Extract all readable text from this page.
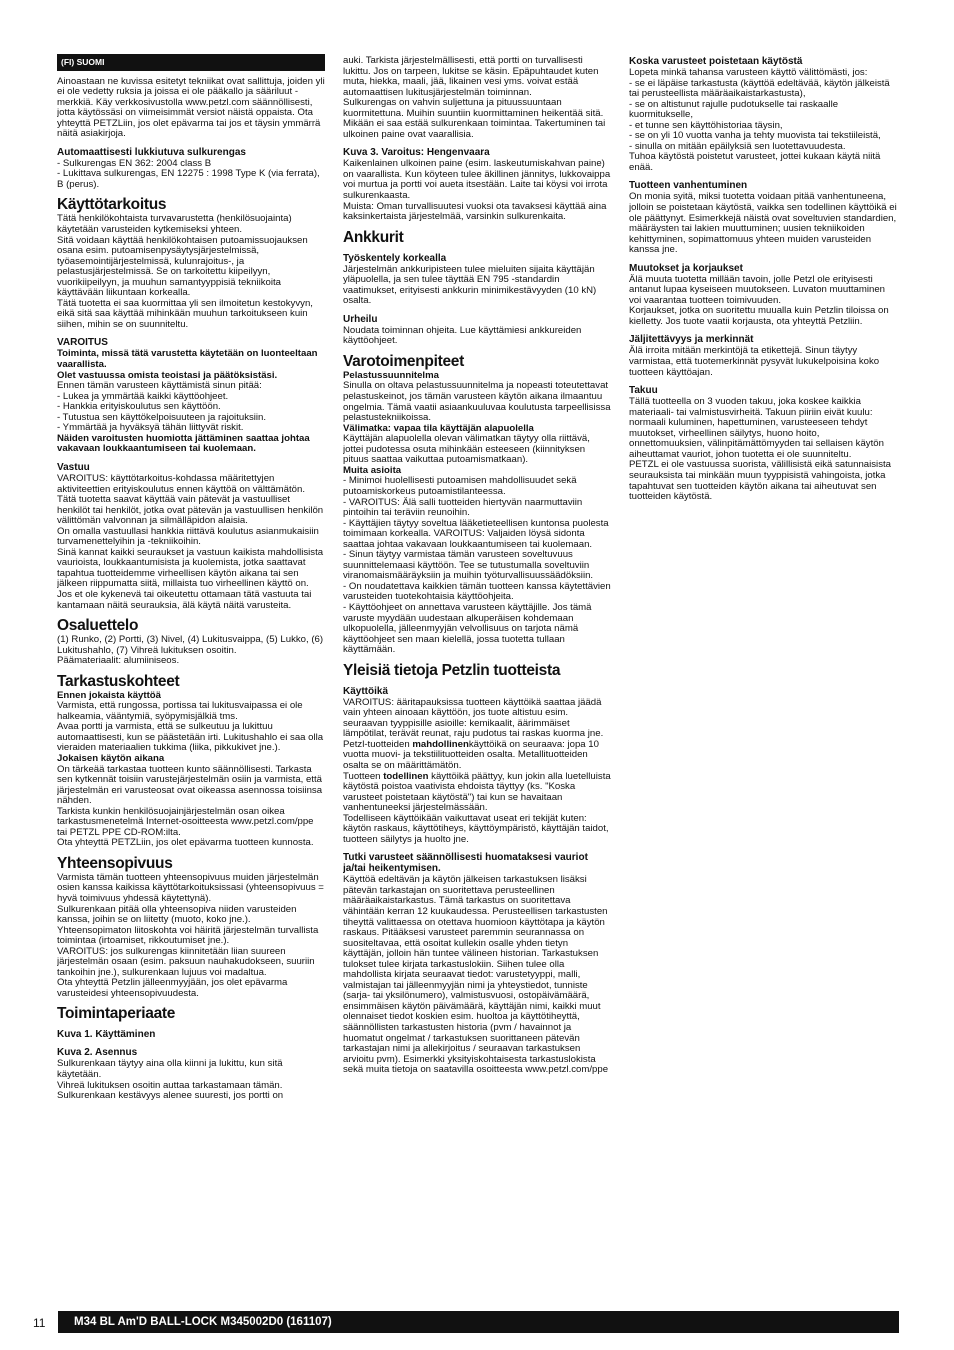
(FI) SUOMI

Ainoastaan ne kuvissa esitetyt tekniikat ovat sallittuja, joiden yli ei ole vedetty ruksia ja joissa ei ole pääkallo ja sääriluut -merkkiä. Käy verkkosivustolla www.petzl.com säännöllisesti, jotta käytössäsi on viimeisimmät versiot näistä oppaista. Ota yhteyttä PETZLiin, jos olet epävarma tai jos et täysin ymmärrä näitä asiakirjoja.

Automaattisesti lukkiutuva sulkurengas

- Sulkurengas EN 362: 2004 class B
- Lukittava sulkurengas, EN 12275 : 1998 Type K (via ferrata), B (perus).

Käyttötarkoitus

Tätä henkilökohtaista turvavarustetta (henkilösuojainta) käytetään varusteiden kytkemiseksi yhteen.
Sitä voidaan käyttää henkilökohtaisen putoamissuojauksen osana esim. putoamisenpysäytysjärjestelmissä, työasemointijärjestelmissä, kulunrajoitus-, ja pelastusjärjestelmissä. Se on tarkoitettu kiipeilyyn, vuorikiipeilyyn, ja muuhun samantyyppisiä tekniikoita käyttävään liikuntaan korkealla.
Tätä tuotetta ei saa kuormittaa yli sen ilmoitetun kestokyvyn, eikä sitä saa käyttää mihinkään muuhun tarkoitukseen kuin siihen, mihin se on suunniteltu.

VAROITUS
Toiminta, missä tätä varustetta käytetään on luonteeltaan vaarallista.
Olet vastuussa omista teoistasi ja päätöksistäsi.

Ennen tämän varusteen käyttämistä sinun pitää:
- Lukea ja ymmärtää kaikki käyttöohjeet.
- Hankkia erityiskoulutus sen käyttöön.
- Tutustua sen käyttökelpoisuuteen ja rajoituksiin.
- Ymmärtää ja hyväksyä tähän liittyvät riskit.

Näiden varoitusten huomiotta jättäminen saattaa johtaa vakavaan loukkaantumiseen tai kuolemaan.
Vastuu

VAROITUS: käyttötarkoitus-kohdassa määritettyjen aktiviteettien erityiskoulutus ennen käyttöä on välttämätön.
Tätä tuotetta saavat käyttää vain pätevät ja vastuulliset henkilöt tai henkilöt, jotka ovat pätevän ja vastuullisen henkilön välittömän valvonnan ja silmälläpidon alaisia.
On omalla vastuullasi hankkia riittävä koulutus asianmukaisiin turvamenettelyihin ja -tekniikoihin.
Sinä kannat kaikki seuraukset ja vastuun kaikista mahdollisista vaurioista, loukkaantumisista ja kuolemista, jotka saattavat tapahtua tuotteidemme virheellisen käytön aikana tai sen jälkeen riippumatta siitä, millaista tuo virheellinen käyttö on. Jos et ole kykenevä tai oikeutettu ottamaan tätä vastuuta tai kantamaan näitä seurauksia, älä käytä näitä varusteita.

Osaluettelo

(1) Runko, (2) Portti, (3) Nivel, (4) Lukitusvaippa, (5) Lukko, (6) Lukitushahlo, (7) Vihreä lukituksen osoitin.
Päämateriaalit: alumiiniseos.

Tarkastuskohteet
Ennen jokaista käyttöä

Varmista, että rungossa, portissa tai lukitusvaipassa ei ole halkeamia, vääntymiä, syöpymisjälkiä tms.
Avaa portti ja varmista, että se sulkeutuu ja lukittuu automaattisesti, kun se päästetään irti. Lukitushahlo ei saa olla vieraiden materiaalien tukkima (liika, pikkukivet jne.).

Jokaisen käytön aikana

On tärkeää tarkastaa tuotteen kunto säännöllisesti. Tarkasta sen kytkennät toisiin varustejärjestelmän osiin ja varmista, että järjestelmän eri varusteosat ovat oikeassa asennossa toisiinsa nähden.
Tarkista kunkin henkilösuojainjärjestelmän osan oikea tarkastusmenetelmä Internet-osoitteesta www.petzl.com/ppe tai PETZL PPE CD-ROM:ilta.
Ota yhteyttä PETZLiin, jos olet epävarma tuotteen kunnosta.

Yhteensopivuus

Varmista tämän tuotteen yhteensopivuus muiden järjestelmän osien kanssa kaikissa käyttötarkoituksissasi (yhteensopivuus = hyvä toimivuus yhdessä käytettynä).
Sulkurenkaan pitää olla yhteensopiva niiden varusteiden kanssa, joihin se on liitetty (muoto, koko jne.).
Yhteensopimaton liitoskohta voi häiritä järjestelmän turvallista toimintaa (irtoamiset, rikkoutumiset jne.).
VAROITUS: jos sulkurengas kiinnitetään liian suureen järjestelmän osaan (esim. paksuun nauhakudokseen, suuriin tankoihin jne.), sulkurenkaan lujuus voi madaltua.
Ota yhteyttä Petzlin jälleenmyyjään, jos olet epävarma varusteidesi yhteensopivuudesta.

Toimintaperiaate
Kuva 1. Käyttäminen
Kuva 2. Asennus

Sulkurenkaan täytyy aina olla kiinni ja lukittu, kun sitä käytetään.
Vihreä lukituksen osoitin auttaa tarkastamaan tämän. Sulkurenkaan kestävyys alenee suuresti, jos portti on

auki. Tarkista järjestelmällisesti, että portti on turvallisesti lukittu. Jos on tarpeen, lukitse se käsin. Epäpuhtaudet kuten muta, hiekka, maali, jää, likainen vesi yms. voivat estää automaattisen lukitusjärjestelmän toiminnan.
Sulkurengas on vahvin suljettuna ja pituussuuntaan kuormitettuna. Muihin suuntiin kuormittaminen heikentää sitä. Mikään ei saa estää sulkurenkaan toimintaa. Takertuminen tai ulkoinen paine ovat vaarallisia.

Kuva 3. Varoitus: Hengenvaara

Kaikenlainen ulkoinen paine (esim. laskeutumiskahvan paine) on vaarallista. Kun köyteen tulee äkillinen jännitys, lukkovaippa voi murtua ja portti voi aueta itsestään. Laite tai köysi voi irrota sulkurenkaasta.
Muista: Oman turvallisuutesi vuoksi ota tavaksesi käyttää aina kaksinkertaista järjestelmää, varsinkin sulkurenkaita.

Ankkurit
Työskentely korkealla

Järjestelmän ankkuripisteen tulee mieluiten sijaita käyttäjän yläpuolella, ja sen tulee täyttää EN 795 -standardin vaatimukset, erityisesti ankkurin minimikestävyyden (10 kN) osalta.

Urheilu

Noudata toiminnan ohjeita. Lue käyttämiesi ankkureiden käyttöohjeet.

Varotoimenpiteet
Pelastussuunnitelma

Sinulla on oltava pelastussuunnitelma ja nopeasti toteutettavat pelastuskeinot, jos tämän varusteen käytön aikana ilmaantuu ongelmia. Tämä vaatii asiaankuuluvaa koulutusta tarpeellisissa pelastustekniikoissa.

Välimatka: vapaa tila käyttäjän alapuolella

Käyttäjän alapuolella olevan välimatkan täytyy olla riittävä, jottei pudotessa osuta mihinkään esteeseen (kiinnityksen pituus saattaa vaikuttaa putoamismatkaan).

Muita asioita

- Minimoi huolellisesti putoamisen mahdollisuudet sekä putoamiskorkeus putoamistilanteessa.
- VAROITUS: Älä salli tuotteiden hiertyvän naarmuttaviin pintoihin tai teräviin reunoihin.
- Käyttäjien täytyy soveltua lääketieteellisen kuntonsa puolesta toimimaan korkealla. VAROITUS: Valjaiden löysä sidonta saattaa johtaa vakavaan loukkaantumiseen tai kuolemaan.
- Sinun täytyy varmistaa tämän varusteen soveltuvuus suunnittelemaasi käyttöön. Tee se tutustumalla soveltuviin viranomaismääräyksiin ja muihin työturvallisuussäädöksiin.
- On noudatettava kaikkien tämän tuotteen kanssa käytettävien varusteiden tuotekohtaisia käyttöohjeita.
- Käyttöohjeet on annettava varusteen käyttäjille. Jos tämä varuste myydään uudestaan alkuperäisen kohdemaan ulkopuolella, jälleenmyyjän velvollisuus on tarjota nämä käyttöohjeet sen maan kielellä, jossa tuotetta tullaan käyttämään.

Yleisiä tietoja Petzlin tuotteista
Käyttöikä

VAROITUS: ääritapauksissa tuotteen käyttöikä saattaa jäädä vain yhteen ainoaan käyttöön, jos tuote altistuu esim. seuraavan tyyppisille asioille: kemikaalit, äärimmäiset lämpötilat, terävät reunat, raju pudotus tai raskas kuorma jne.
Petzl-tuotteiden mahdollinenkäyttöikä on seuraava: jopa 10 vuotta muovi- ja tekstiilituotteiden osalta. Metallituotteiden osalta se on määrittämätön.
Tuotteen todellinen käyttöikä päättyy, kun jokin alla luetelluista käytöstä poistoa vaativista ehdoista täyttyy (ks. "Koska varusteet poistetaan käytöstä") tai kun se havaitaan vanhentuneeksi järjestelmässään.
Todelliseen käyttöikään vaikuttavat useat eri tekijät kuten: käytön raskaus, käyttötiheys, käyttöympäristö, käyttäjän taidot, tuotteen säilytys ja huolto jne.

Tutki varusteet säännöllisesti huomataksesi vauriot ja/tai heikentymisen.

Käyttöä edeltävän ja käytön jälkeisen tarkastuksen lisäksi pätevän tarkastajan on suoritettava perusteellinen määräaikaistarkastus. Tämä tarkastus on suoritettava vähintään kerran 12 kuukaudessa. Perusteellisen tarkastusten tiheyttä valittaessa on otettava huomioon käyttötapa ja käytön raskaus. Pitääksesi varusteet paremmin seurannassa on suositeltavaa, että osoitat kullekin osalle yhden tietyn käyttäjän, jolloin hän tuntee välineen historian. Tarkastuksen tulokset tulee kirjata tarkastuslokiin. Siihen tulee olla mahdollista kirjata seuraavat tiedot: varustetyyppi, malli, valmistajan tai jälleenmyyjän nimi ja yhteystiedot, tunniste (sarja- tai yksilönumero), valmistusvuosi, ostopäivämäärä, ensimmäisen käytön päivämäärä, käyttäjän nimi, kaikki muut olennaiset tiedot koskien esim. huoltoa ja käyttötiheyttä, säännöllisten tarkastusten historia (pvm / havainnot ja huomatut ongelmat / tarkastuksen suorittaneen pätevän tarkastajan nimi ja allekirjoitus / seuraavan tarkastuksen arvioitu pvm). Esimerkki yksityiskohtaisesta tarkastuslokista sekä muita tietoja on saatavilla osoitteesta www.petzl.com/ppe

Koska varusteet poistetaan käytöstä

Lopeta minkä tahansa varusteen käyttö välittömästi, jos:
- se ei läpäise tarkastusta (käyttöä edeltävää, käytön jälkeistä tai perusteellista määräaikaistarkastusta),
- se on altistunut rajulle pudotukselle tai raskaalle kuormitukselle,
- et tunne sen käyttöhistoriaa täysin,
- se on yli 10 vuotta vanha ja tehty muovista tai tekstiileistä,
- sinulla on mitään epäilyksiä sen luotettavuudesta.
Tuhoa käytöstä poistetut varusteet, jottei kukaan käytä niitä enää.

Tuotteen vanhentuminen

On monia syitä, miksi tuotetta voidaan pitää vanhentuneena, jolloin se poistetaan käytöstä, vaikka sen todellinen käyttöikä ei ole päättynyt. Esimerkkejä näistä ovat soveltuvien standardien, määräysten tai lakien muuttuminen; uusien tekniikoiden kehittyminen, sopimattomuus yhteen muiden varusteiden kanssa jne.

Muutokset ja korjaukset

Älä muuta tuotetta millään tavoin, jolle Petzl ole erityisesti antanut lupaa kyseiseen muutokseen. Luvaton muuttaminen voi vaarantaa tuotteen toimivuuden.
Korjaukset, jotka on suoritettu muualla kuin Petzlin tiloissa on kielletty. Jos tuote vaatii korjausta, ota yhteyttä Petzliin.

Jäljitettävyys ja merkinnät

Älä irroita mitään merkintöjä ta etikettejä. Sinun täytyy varmistaa, että tuotemerkinnät pysyvät lukukelpoisina koko tuotteen käyttöajan.

Takuu

Tällä tuotteella on 3 vuoden takuu, joka koskee kaikkia materiaali- tai valmistusvirheitä. Takuun piiriin eivät kuulu: normaali kuluminen, hapettuminen, varusteeseen tehdyt muutokset, virheellinen säilytys, huono hoito, onnettomuuksien, välinpitämättömyyden tai sellaisen käytön aiheuttamat vauriot, johon tuotetta ei ole suunniteltu.
PETZL ei ole vastuussa suorista, välillisistä eikä satunnaisista seurauksista tai minkään muun tyyppisistä vahingoista, jotka tapahtuvat sen tuotteiden käytön aikana tai aiheutuvat sen tuotteiden käytöstä.

11	M34 BL Am'D BALL-LOCK M345002D0 (161107)
